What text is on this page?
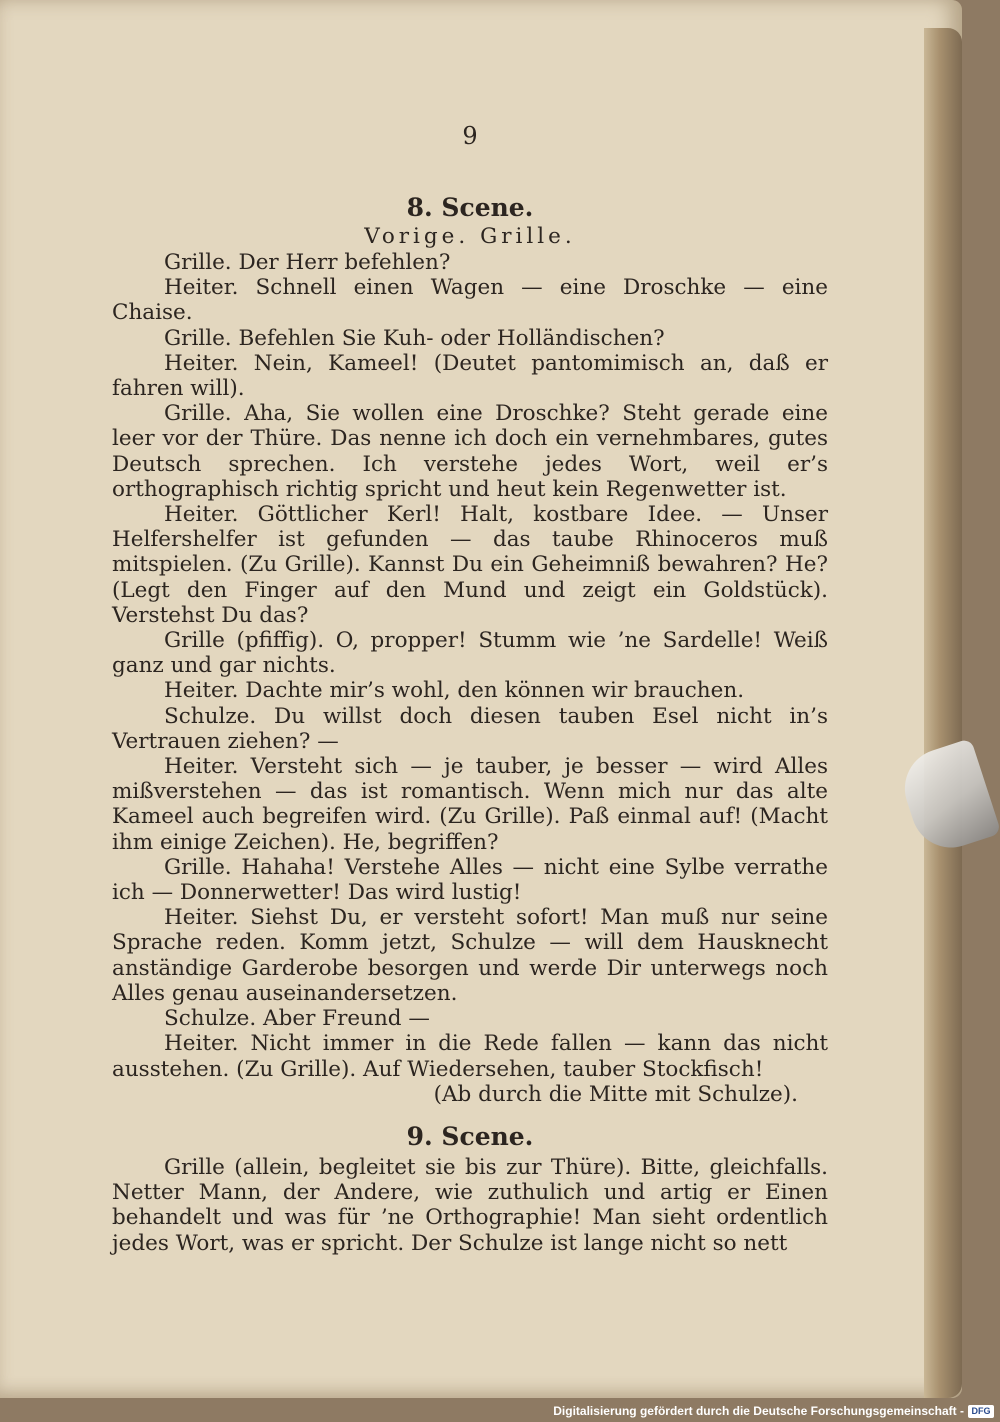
9
8. Scene.
Vorige. Grille.

Grille. Der Herr befehlen?

Heiter. Schnell einen Wagen — eine Droschke — eine Chaise.

Grille. Befehlen Sie Kuh- oder Holländischen?

Heiter. Nein, Kameel! (Deutet pantomimisch an, daß er fahren will).

Grille. Aha, Sie wollen eine Droschke? Steht gerade eine leer vor der Thüre. Das nenne ich doch ein vernehmbares, gutes Deutsch sprechen. Ich verstehe jedes Wort, weil er’s orthographisch richtig spricht und heut kein Regenwetter ist.

Heiter. Göttlicher Kerl! Halt, kostbare Idee. — Unser Helfershelfer ist gefunden — das taube Rhinoceros muß mitspielen. (Zu Grille). Kannst Du ein Geheimniß bewahren? He? (Legt den Finger auf den Mund und zeigt ein Goldstück). Verstehst Du das?

Grille (pfiffig). O, propper! Stumm wie ’ne Sardelle! Weiß ganz und gar nichts.

Heiter. Dachte mir’s wohl, den können wir brauchen.

Schulze. Du willst doch diesen tauben Esel nicht in’s Vertrauen ziehen? —

Heiter. Versteht sich — je tauber, je besser — wird Alles mißverstehen — das ist romantisch. Wenn mich nur das alte Kameel auch begreifen wird. (Zu Grille). Paß einmal auf! (Macht ihm einige Zeichen). He, begriffen?

Grille. Hahaha! Verstehe Alles — nicht eine Sylbe verrathe ich — Donnerwetter! Das wird lustig!

Heiter. Siehst Du, er versteht sofort! Man muß nur seine Sprache reden. Komm jetzt, Schulze — will dem Hausknecht anständige Garderobe besorgen und werde Dir unterwegs noch Alles genau auseinandersetzen.

Schulze. Aber Freund —

Heiter. Nicht immer in die Rede fallen — kann das nicht ausstehen. (Zu Grille). Auf Wiedersehen, tauber Stockfisch!

(Ab durch die Mitte mit Schulze).

9. Scene.

Grille (allein, begleitet sie bis zur Thüre). Bitte, gleichfalls. Netter Mann, der Andere, wie zuthulich und artig er Einen behandelt und was für ’ne Orthographie! Man sieht ordentlich jedes Wort, was er spricht. Der Schulze ist lange nicht so nett

Digitalisierung gefördert durch die Deutsche Forschungsgemeinschaft - DFG
